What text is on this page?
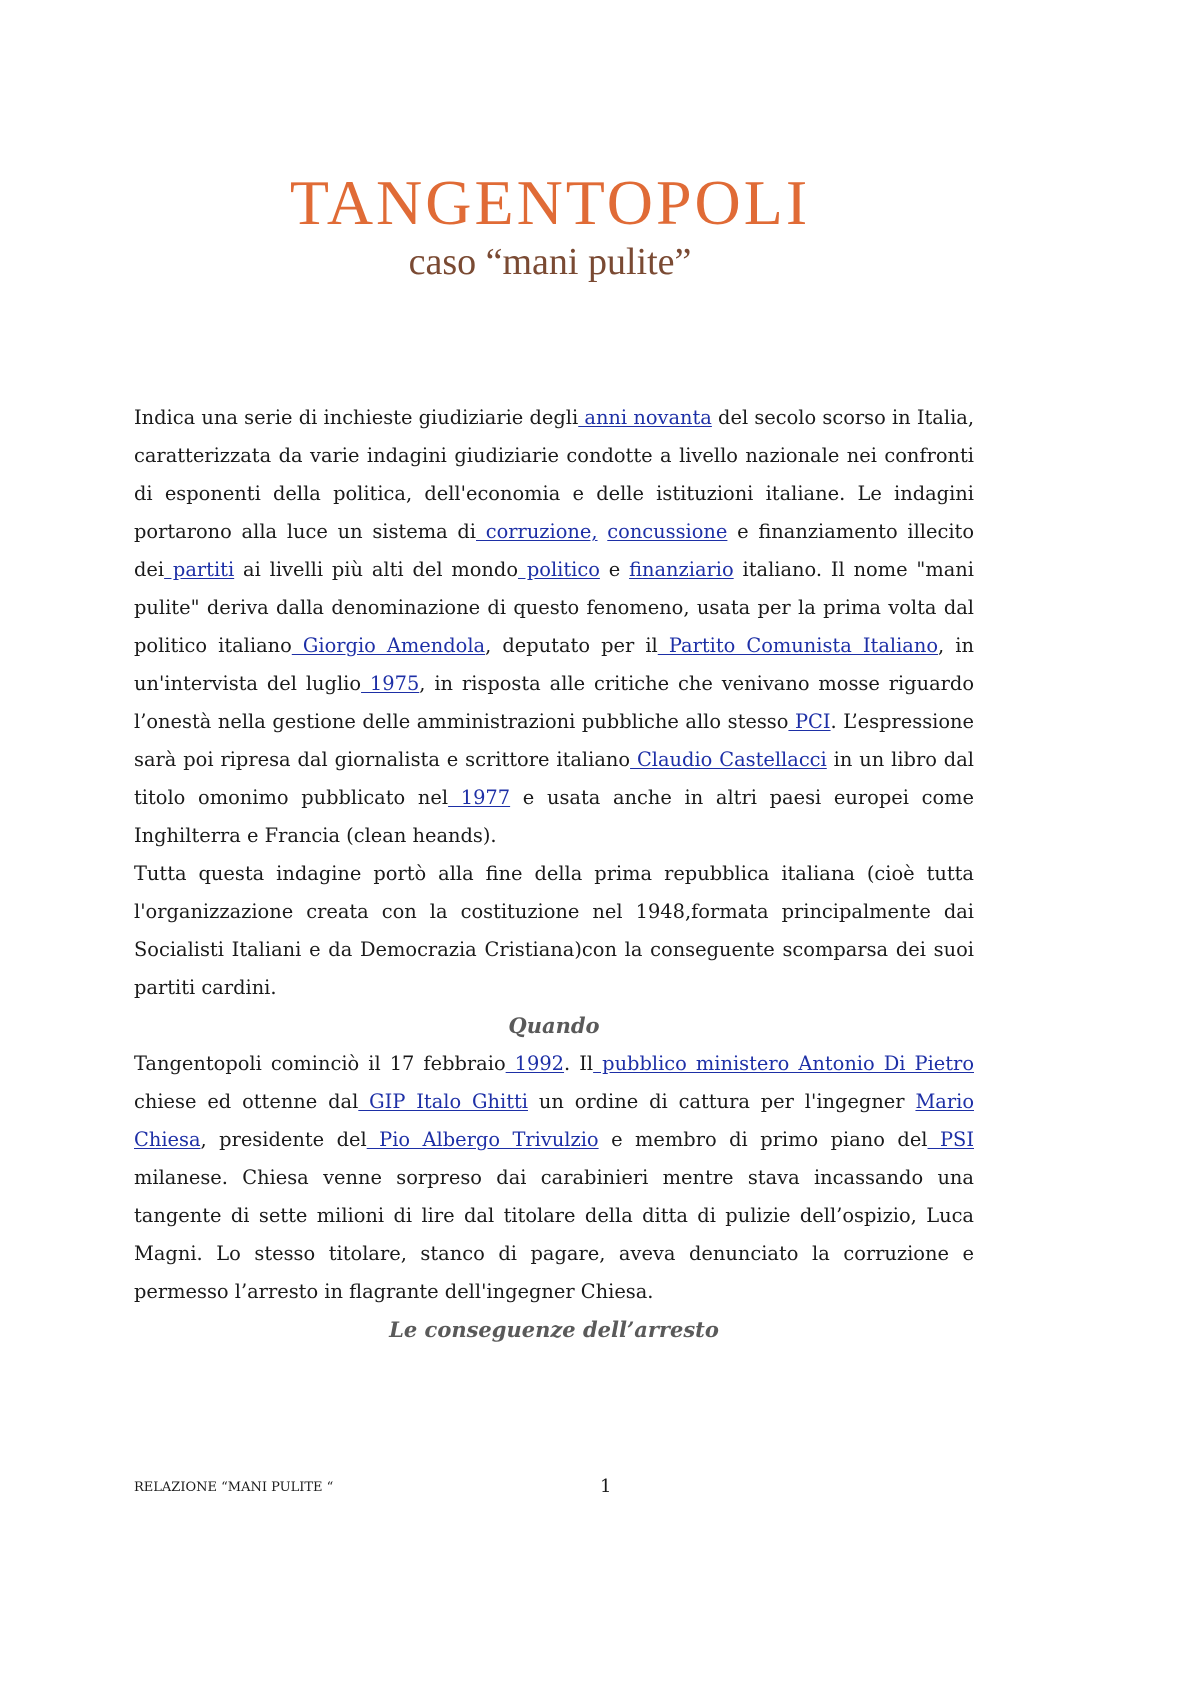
TANGENTOPOLI
caso “mani pulite”

Indica una serie di inchieste giudiziarie degli anni novanta del secolo scorso in Italia, caratterizzata da varie indagini giudiziarie condotte a livello nazionale nei confronti di esponenti della politica, dell'economia e delle istituzioni italiane. Le indagini portarono alla luce un sistema di corruzione, concussione e finanziamento illecito dei partiti ai livelli più alti del mondo politico e finanziario italiano. Il nome "mani pulite" deriva dalla denominazione di questo fenomeno, usata per la prima volta dal politico italiano Giorgio Amendola, deputato per il Partito Comunista Italiano, in un'intervista del luglio 1975, in risposta alle critiche che venivano mosse riguardo l’onestà nella gestione delle amministrazioni pubbliche allo stesso PCI. L’espressione sarà poi ripresa dal giornalista e scrittore italiano Claudio Castellacci in un libro dal titolo omonimo pubblicato nel 1977 e usata anche in altri paesi europei come Inghilterra e Francia (clean heands).

Tutta questa indagine portò alla fine della prima repubblica italiana (cioè tutta l'organizzazione creata con la costituzione nel 1948,formata principalmente dai Socialisti Italiani e da Democrazia Cristiana)con la conseguente scomparsa dei suoi partiti cardini.

Quando

Tangentopoli cominciò il 17 febbraio 1992. Il pubblico ministero Antonio Di Pietro chiese ed ottenne dal GIP Italo Ghitti un ordine di cattura per l'ingegner Mario Chiesa, presidente del Pio Albergo Trivulzio e membro di primo piano del PSI milanese. Chiesa venne sorpreso dai carabinieri mentre stava incassando una tangente di sette milioni di lire dal titolare della ditta di pulizie dell’ospizio, Luca Magni. Lo stesso titolare, stanco di pagare, aveva denunciato la corruzione e permesso l’arresto in flagrante dell'ingegner Chiesa.

Le conseguenze dell’arresto
RELAZIONE “MANI PULITE “	1
